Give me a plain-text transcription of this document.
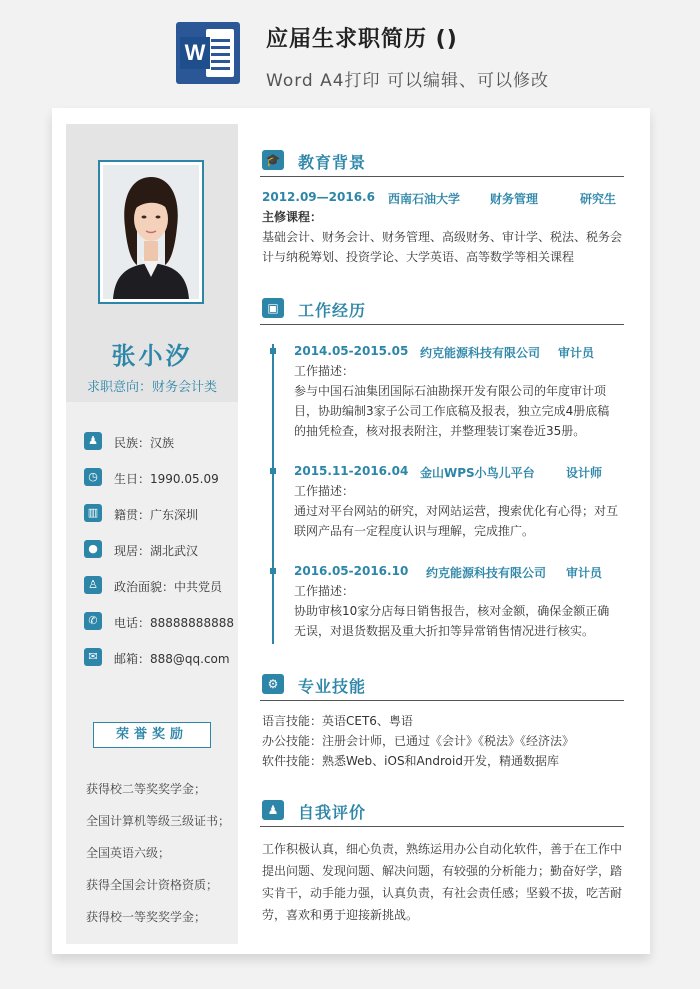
W
应届生求职简历 ()
Word A4打印 可以编辑、可以修改
张小汐
求职意向：财务会计类
♟	民族：汉族
◷	生日：1990.05.09
▥	籍贯：广东深圳
●	现居：湖北武汉
♙	政治面貌：中共党员
✆	电话：88888888888
✉	邮箱：888@qq.com
荣誉奖励
获得校二等奖奖学金；
全国计算机等级三级证书；
全国英语六级；
获得全国会计资格资质；
获得校一等奖奖学金；
🎓 教育背景
2012.09—2016.6 西南石油大学 财务管理	研究生
主修课程：
基础会计、财务会计、财务管理、高级财务、审计学、税法、税务会
计与纳税筹划、投资学论、大学英语、高等数学等相关课程
▣	工作经历
2014.05-2015.05 约克能源科技有限公司 审计员
工作描述：
参与中国石油集团国际石油勘探开发有限公司的年度审计项
目，协助编制3家子公司工作底稿及报表，独立完成4册底稿
的抽凭检查，核对报表附注，并整理装订案卷近35册。
2015.11-2016.04 金山WPS小鸟儿平台	设计师
工作描述：
通过对平台网站的研究，对网站运营，搜索优化有心得；对互
联网产品有一定程度认识与理解，完成推广。
2016.05-2016.10 约克能源科技有限公司 审计员
工作描述：
协助审核10家分店每日销售报告，核对金额，确保金额正确
无误，对退货数据及重大折扣等异常销售情况进行核实。
⚙	专业技能
语言技能：英语CET6、粤语
办公技能：注册会计师，已通过《会计》《税法》《经济法》
软件技能：熟悉Web、iOS和Android开发，精通数据库
♟	自我评价
工作积极认真，细心负责，熟练运用办公自动化软件，善于在工作中
提出问题、发现问题、解决问题，有较强的分析能力；勤奋好学，踏
实肯干，动手能力强，认真负责，有社会责任感；坚毅不拔，吃苦耐
劳，喜欢和勇于迎接新挑战。
